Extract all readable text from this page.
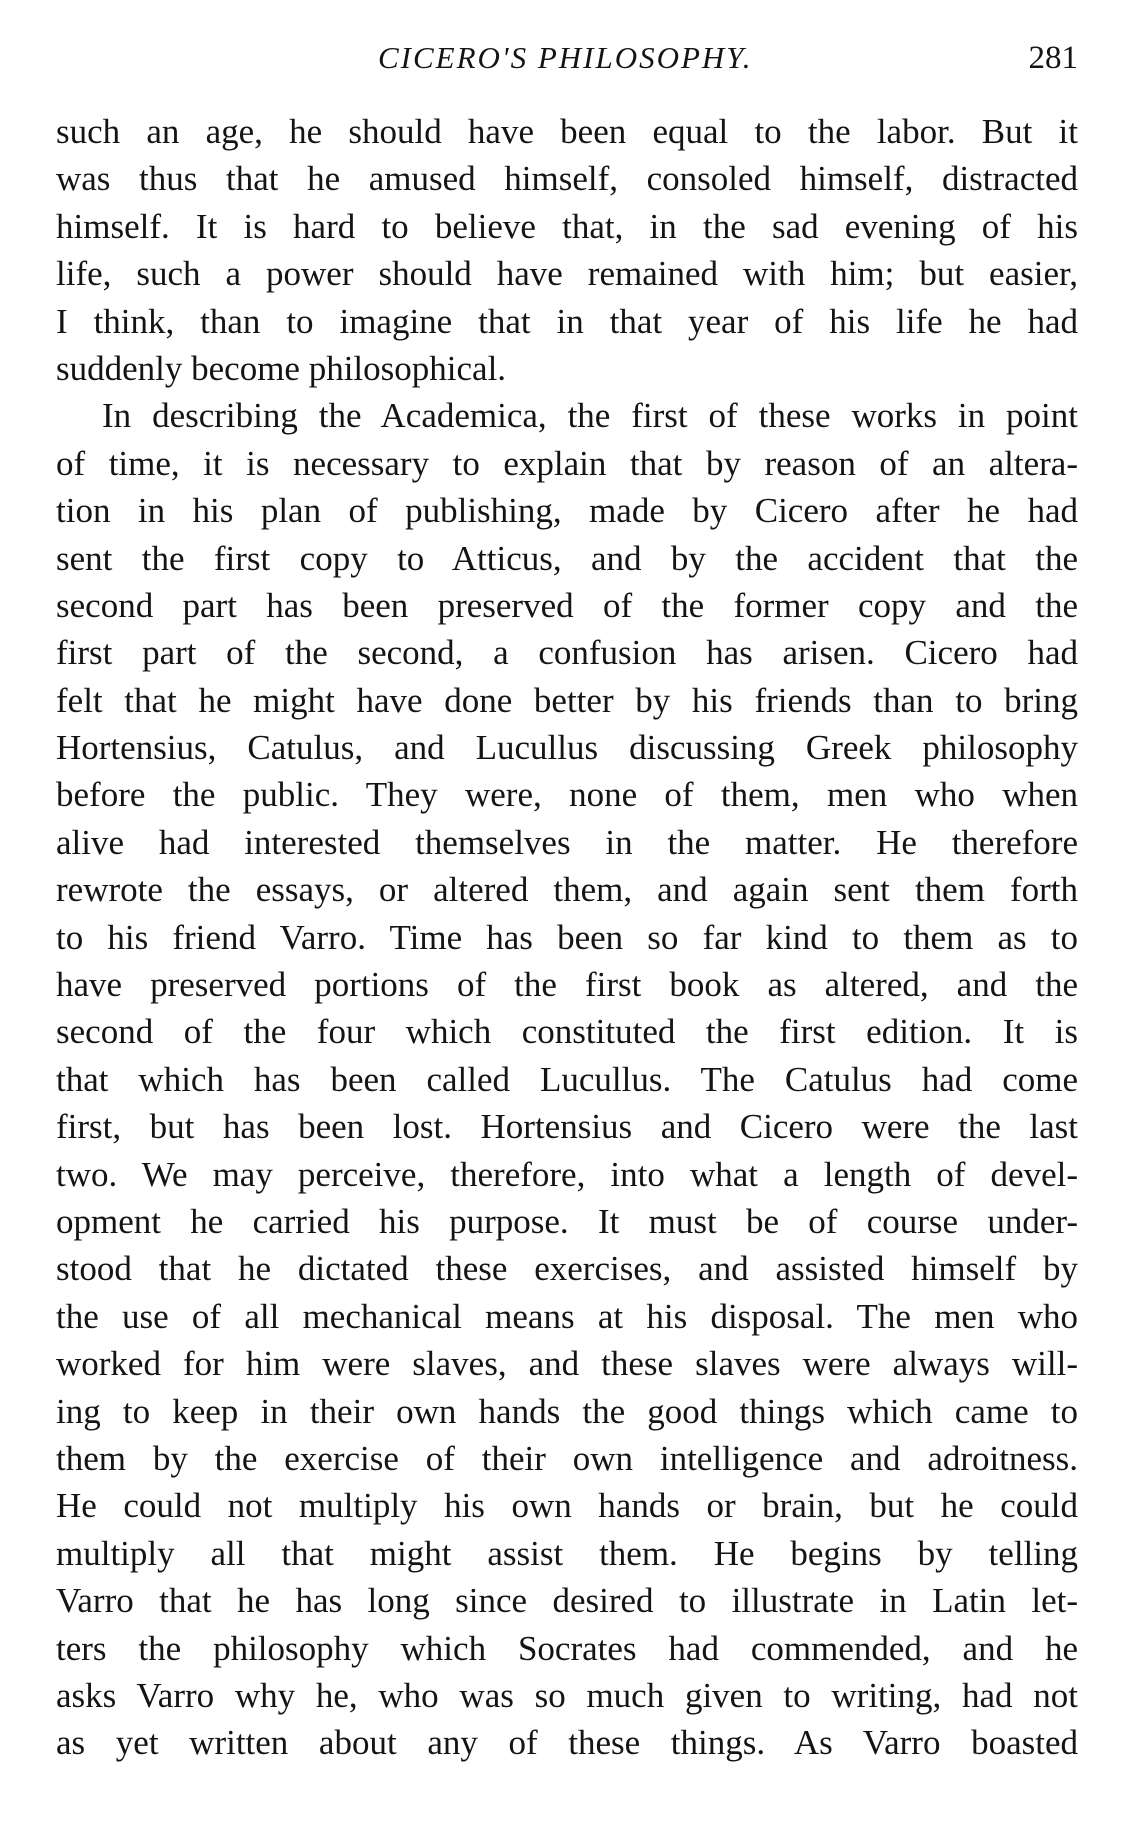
CICERO'S PHILOSOPHY.	281
such an age, he should have been equal to the labor. But it
was thus that he amused himself, consoled himself, distracted
himself. It is hard to believe that, in the sad evening of his
life, such a power should have remained with him; but easier,
I think, than to imagine that in that year of his life he had
suddenly become philosophical.
In describing the Academica, the first of these works in point
of time, it is necessary to explain that by reason of an altera-
tion in his plan of publishing, made by Cicero after he had
sent the first copy to Atticus, and by the accident that the
second part has been preserved of the former copy and the
first part of the second, a confusion has arisen. Cicero had
felt that he might have done better by his friends than to bring
Hortensius, Catulus, and Lucullus discussing Greek philosophy
before the public. They were, none of them, men who when
alive had interested themselves in the matter. He therefore
rewrote the essays, or altered them, and again sent them forth
to his friend Varro. Time has been so far kind to them as to
have preserved portions of the first book as altered, and the
second of the four which constituted the first edition. It is
that which has been called Lucullus. The Catulus had come
first, but has been lost. Hortensius and Cicero were the last
two. We may perceive, therefore, into what a length of devel-
opment he carried his purpose. It must be of course under-
stood that he dictated these exercises, and assisted himself by
the use of all mechanical means at his disposal. The men who
worked for him were slaves, and these slaves were always will-
ing to keep in their own hands the good things which came to
them by the exercise of their own intelligence and adroitness.
He could not multiply his own hands or brain, but he could
multiply all that might assist them. He begins by telling
Varro that he has long since desired to illustrate in Latin let-
ters the philosophy which Socrates had commended, and he
asks Varro why he, who was so much given to writing, had not
as yet written about any of these things. As Varro boasted
